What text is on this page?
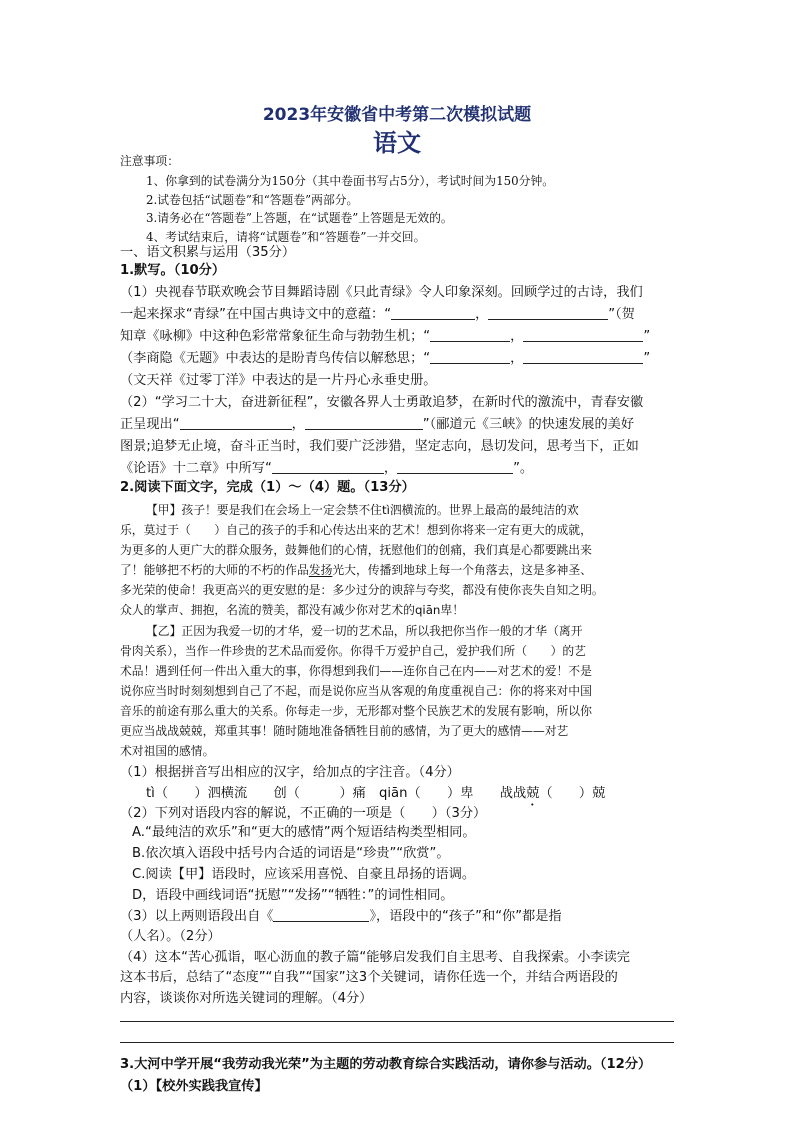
2023年安徽省中考第二次模拟试题
语文
注意事项：
1、你拿到的试卷满分为150分（其中卷面书写占5分），考试时间为150分钟。
2.试卷包括“试题卷”和“答题卷”两部分。
3.请务必在“答题卷”上答题，在“试题卷”上答题是无效的。
4、考试结束后，请将“试题卷”和“答题卷”一并交回。
一、语文积累与运用（35分）
1.默写。（10分）
（1）央视春节联欢晚会节目舞蹈诗剧《只此青绿》令人印象深刻。回顾学过的古诗，我们
一起来探求“青绿”在中国古典诗文中的意蕴：“	，	”（贺
知章《咏柳》中这种色彩常常象征生命与勃勃生机；“	，	”
（李商隐《无题》中表达的是盼青鸟传信以解愁思；“	，	”
（文天祥《过零丁洋》中表达的是一片丹心永垂史册。
（2）“学习二十大，奋进新征程”，安徽各界人士勇敢追梦，在新时代的激流中，青春安徽
正呈现出“	，	”（郦道元《三峡》的快速发展的美好
图景;追梦无止境，奋斗正当时，我们要广泛涉猎，坚定志向，恳切发问，思考当下，正如
《论语》十二章》中所写“	，	”。
2.阅读下面文字，完成（1）～（4）题。（13分）
【甲】孩子！要是我们在会场上一定会禁不住tì泗横流的。世界上最高的最纯洁的欢
乐，莫过于（　　）自己的孩子的手和心传达出来的艺术！想到你将来一定有更大的成就，
为更多的人更广大的群众服务，鼓舞他们的心情，抚慰他们的创痛，我们真是心都要跳出来
了！能够把不朽的大师的不朽的作品发扬光大，传播到地球上每一个角落去，这是多神圣、
多光荣的使命！我更高兴的更安慰的是：多少过分的谀辞与夸奖，都没有使你丧失自知之明。
众人的掌声、拥抱，名流的赞美，都没有减少你对艺术的qiān卑！
【乙】正因为我爱一切的才华，爱一切的艺术品，所以我把你当作一般的才华（离开
骨肉关系），当作一件珍贵的艺术品而爱你。你得千万爱护自己，爱护我们所（　　）的艺
术品！遇到任何一件出入重大的事，你得想到我们——连你自己在内——对艺术的爱！不是
说你应当时时刻刻想到自己了不起，而是说你应当从客观的角度重视自己：你的将来对中国
音乐的前途有那么重大的关系。你每走一步，无形都对整个民族艺术的发展有影响，所以你
更应当战战兢兢，郑重其事！随时随地准备牺牲目前的感情，为了更大的感情——对艺
术对祖国的感情。
（1）根据拼音写出相应的汉字，给加点的字注音。（4分）
tì（　　）泗横流　　创（　　　）痛　qiān（　　）卑　　战战兢（　　）兢
（2）下列对语段内容的解说，不正确的一项是（　　）（3分）
A.“最纯洁的欢乐”和“更大的感情”两个短语结构类型相同。
B.依次填入语段中括号内合适的词语是“珍贵”“欣赏”。
C.阅读【甲】语段时，应该采用喜悦、自豪且昂扬的语调。
D，语段中画线词语“抚慰”“发扬”“牺牲：”的词性相同。
（3）以上两则语段出自《	》，语段中的“孩子”和“你”都是指
（人名）。（2分）
（4）这本“苦心孤诣，呕心沥血的教子篇“能够启发我们自主思考、自我探索。小李读完
这本书后，总结了“态度”“自我”“国家”这3个关键词，请你任选一个，并结合两语段的
内容，谈谈你对所选关键词的理解。（4分）
3.大河中学开展“我劳动我光荣”为主题的劳动教育综合实践活动，请你参与活动。（12分）
（1）【校外实践我宣传】
